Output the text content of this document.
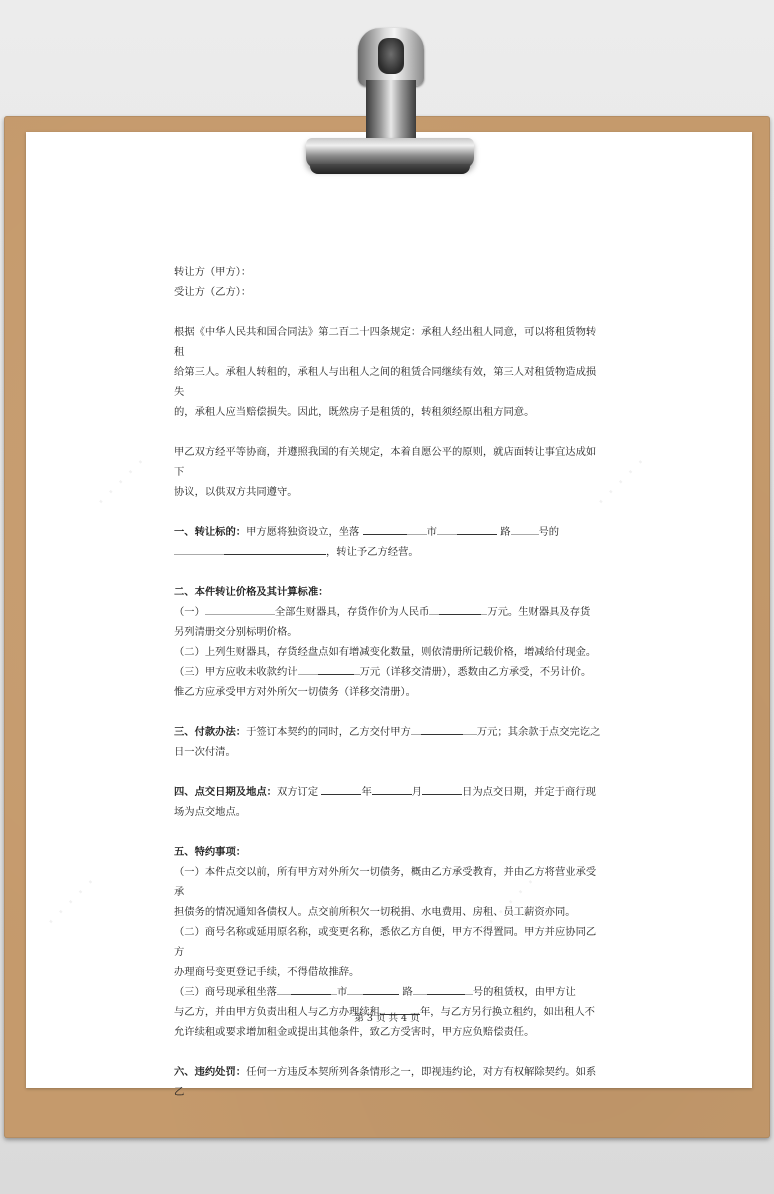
· · · · ·	· · · · ·
· · · · ·	· · · · ·

转让方（甲方）：

受让方（乙方）：

根据《中华人民共和国合同法》第二百二十四条规定：承租人经出租人同意，可以将租赁物转租

给第三人。承租人转租的，承租人与出租人之间的租赁合同继续有效，第三人对租赁物造成损失

的，承租人应当赔偿损失。因此，既然房子是租赁的，转租须经原出租方同意。

甲乙双方经平等协商，并遵照我国的有关规定，本着自愿公平的原则，就店面转让事宜达成如下

协议，以供双方共同遵守。

一、转让标的：甲方愿将独资设立，坐落	市	路	号的

，转让予乙方经营。

二、本件转让价格及其计算标准：

（一）	全部生财器具，存货作价为人民币	万元。生财器具及存货

另列清册交分别标明价格。

（二）上列生财器具，存货经盘点如有增减变化数量，则依清册所记载价格，增减给付现金。

（三）甲方应收未收款约计	万元（详移交清册），悉数由乙方承受，不另计价。

惟乙方应承受甲方对外所欠一切债务（详移交清册）。

三、付款办法：于签订本契约的同时，乙方交付甲方	万元；其余款于点交完讫之

日一次付清。

四、点交日期及地点：双方订定	年	月	日为点交日期，并定于商行现

场为点交地点。

五、特约事项：

（一）本件点交以前，所有甲方对外所欠一切债务，概由乙方承受教育，并由乙方将营业承受承

担债务的情况通知各债权人。点交前所积欠一切税捐、水电费用、房租、员工薪资亦同。

（二）商号名称或延用原名称，或变更名称，悉依乙方自便，甲方不得置同。甲方并应协同乙方

办理商号变更登记手续，不得借故推辞。

（三）商号现承租坐落	市	路	号的租赁权，由甲方让

与乙方，并由甲方负责出租人与乙方办理续租	年，与乙方另行换立租约，如出租人不

允许续租或要求增加租金或提出其他条件，致乙方受害时，甲方应负赔偿责任。

六、违约处罚：任何一方违反本契所列各条情形之一，即视违约论，对方有权解除契约。如系乙

第 3 页 共 4 页
